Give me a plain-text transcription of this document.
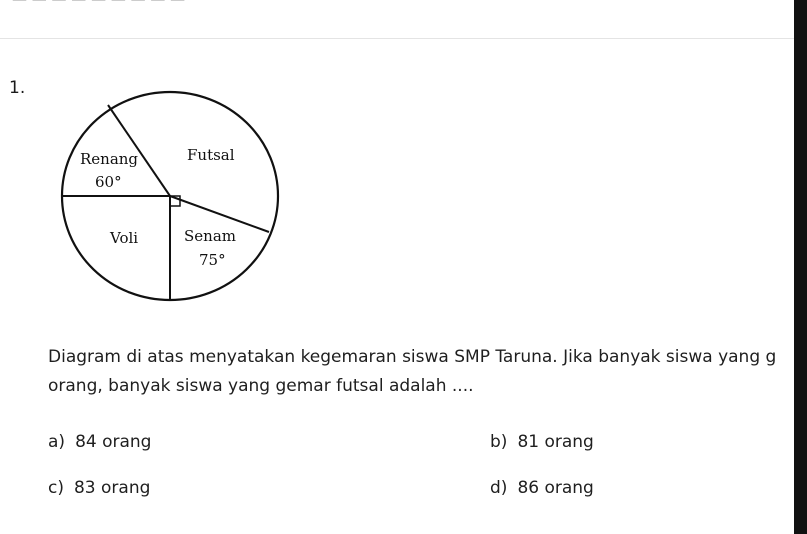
1.
Renang
60°
Futsal
Voli	Senam
75°
Diagram di atas menyatakan kegemaran siswa SMP Taruna. Jika banyak siswa yang g
orang, banyak siswa yang gemar futsal adalah ....
a) 84 orang	b) 81 orang
c) 83 orang	d) 86 orang
